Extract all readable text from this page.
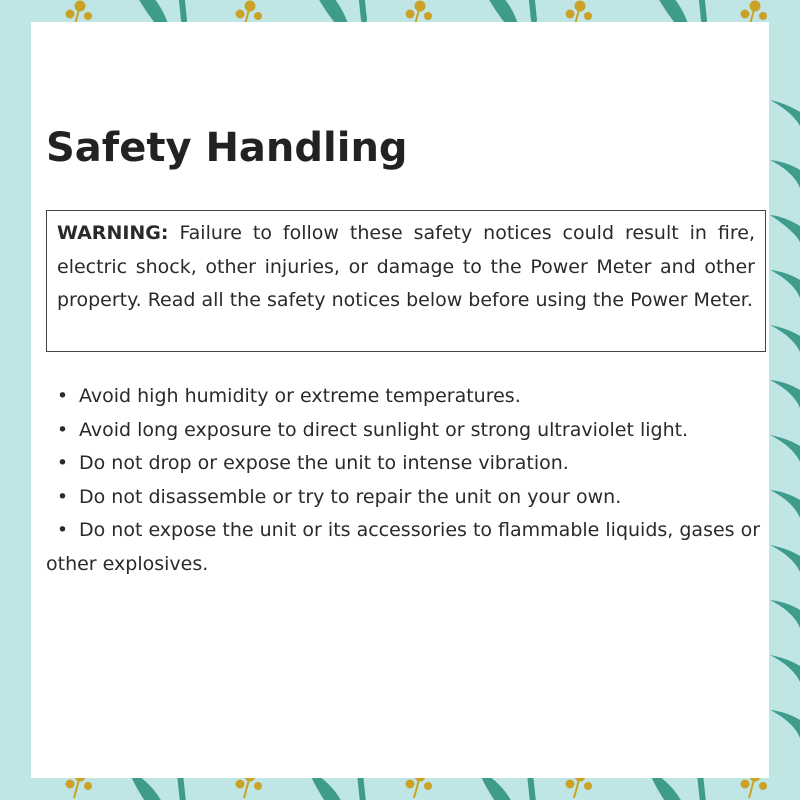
Safety Handling
WARNING: Failure to follow these safety notices could result in fire, electric shock, other injuries, or damage to the Power Meter and other property. Read all the safety notices below before using the Power Meter.
• Avoid high humidity or extreme temperatures.
• Avoid long exposure to direct sunlight or strong ultraviolet light.
• Do not drop or expose the unit to intense vibration.
• Do not disassemble or try to repair the unit on your own.
• Do not expose the unit or its accessories to flammable liquids, gases or other explosives.
